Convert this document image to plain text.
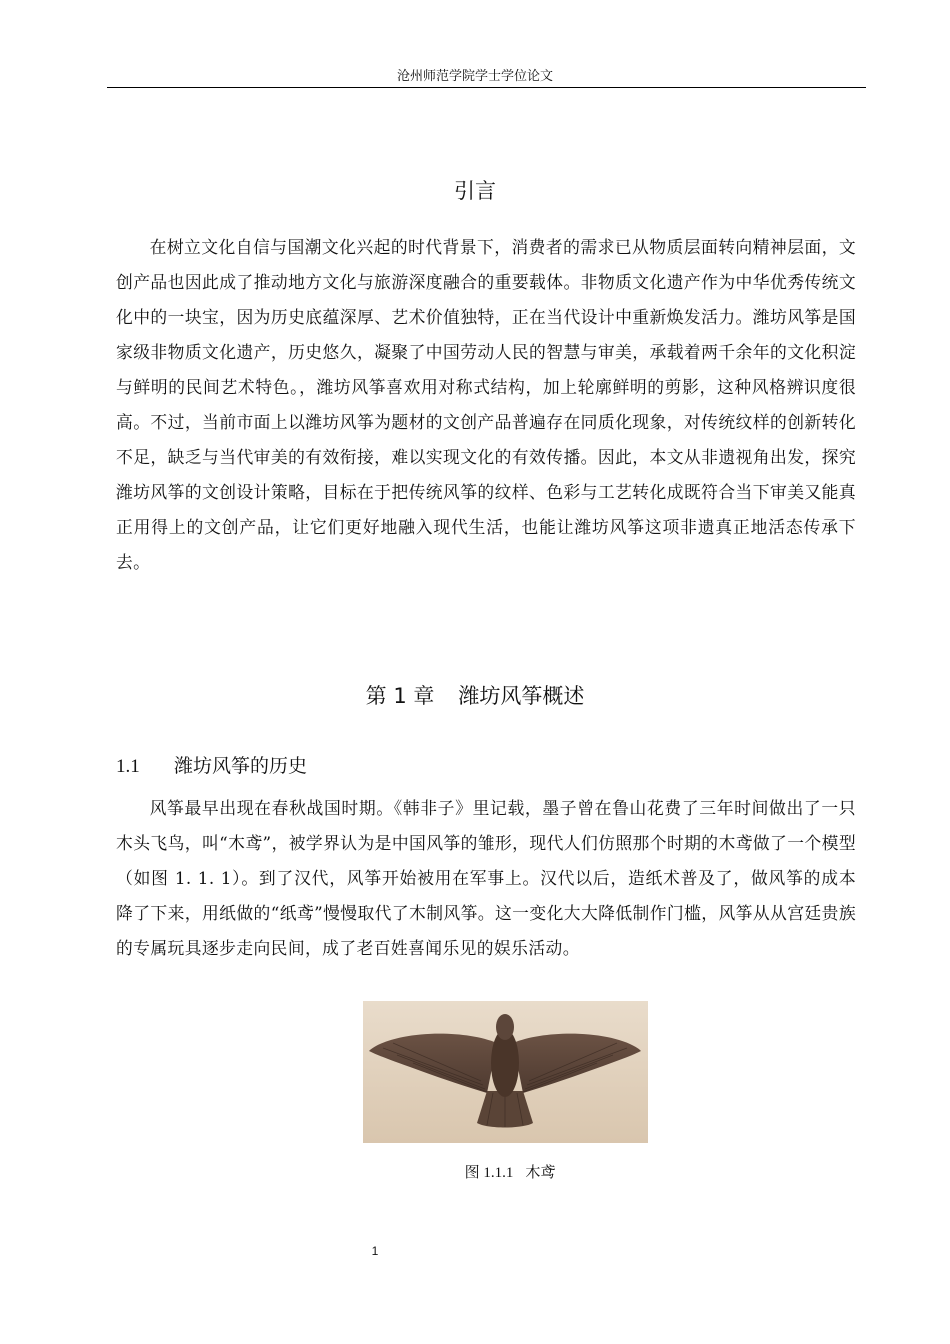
沧州师范学院学士学位论文
引言

在树立文化自信与国潮文化兴起的时代背景下，消费者的需求已从物质层面转向精神层面，文创产品也因此成了推动地方文化与旅游深度融合的重要载体。非物质文化遗产作为中华优秀传统文化中的一块宝，因为历史底蕴深厚、艺术价值独特，正在当代设计中重新焕发活力。潍坊风筝是国家级非物质文化遗产，历史悠久，凝聚了中国劳动人民的智慧与审美，承载着两千余年的文化积淀与鲜明的民间艺术特色。，潍坊风筝喜欢用对称式结构，加上轮廓鲜明的剪影，这种风格辨识度很高。不过，当前市面上以潍坊风筝为题材的文创产品普遍存在同质化现象，对传统纹样的创新转化不足，缺乏与当代审美的有效衔接，难以实现文化的有效传播。因此，本文从非遗视角出发，探究潍坊风筝的文创设计策略，目标在于把传统风筝的纹样、色彩与工艺转化成既符合当下审美又能真正用得上的文创产品，让它们更好地融入现代生活，也能让潍坊风筝这项非遗真正地活态传承下去。

第 1 章 潍坊风筝概述
1.1 潍坊风筝的历史

风筝最早出现在春秋战国时期。《韩非子》里记载，墨子曾在鲁山花费了三年时间做出了一只木头飞鸟，叫“木鸢”，被学界认为是中国风筝的雏形，现代人们仿照那个时期的木鸢做了一个模型（如图 1. 1. 1）。到了汉代，风筝开始被用在军事上。汉代以后，造纸术普及了，做风筝的成本降了下来，用纸做的“纸鸢”慢慢取代了木制风筝。这一变化大大降低制作门槛，风筝从从宫廷贵族的专属玩具逐步走向民间，成了老百姓喜闻乐见的娱乐活动。

图 1.1.1 木鸢
1
